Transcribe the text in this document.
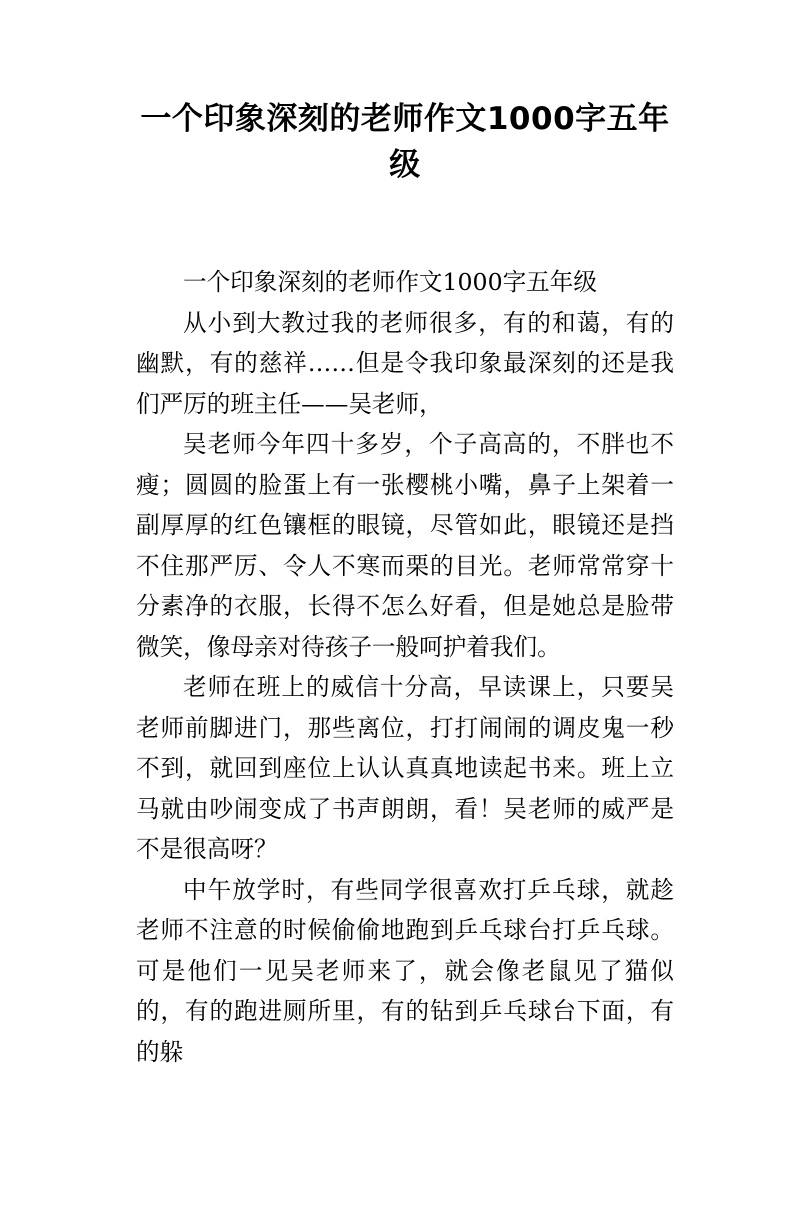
一个印象深刻的老师作文1000字五年级

一个印象深刻的老师作文1000字五年级

从小到大教过我的老师很多，有的和蔼，有的幽默，有的慈祥……但是令我印象最深刻的还是我们严厉的班主任——吴老师，

吴老师今年四十多岁，个子高高的，不胖也不瘦；圆圆的脸蛋上有一张樱桃小嘴，鼻子上架着一副厚厚的红色镶框的眼镜，尽管如此，眼镜还是挡不住那严厉、令人不寒而栗的目光。老师常常穿十分素净的衣服，长得不怎么好看，但是她总是脸带微笑，像母亲对待孩子一般呵护着我们。

老师在班上的威信十分高，早读课上，只要吴老师前脚进门，那些离位，打打闹闹的调皮鬼一秒不到，就回到座位上认认真真地读起书来。班上立马就由吵闹变成了书声朗朗，看！吴老师的威严是不是很高呀？

中午放学时，有些同学很喜欢打乒乓球，就趁老师不注意的时候偷偷地跑到乒乓球台打乒乓球。可是他们一见吴老师来了，就会像老鼠见了猫似的，有的跑进厕所里，有的钻到乒乓球台下面，有的躲
